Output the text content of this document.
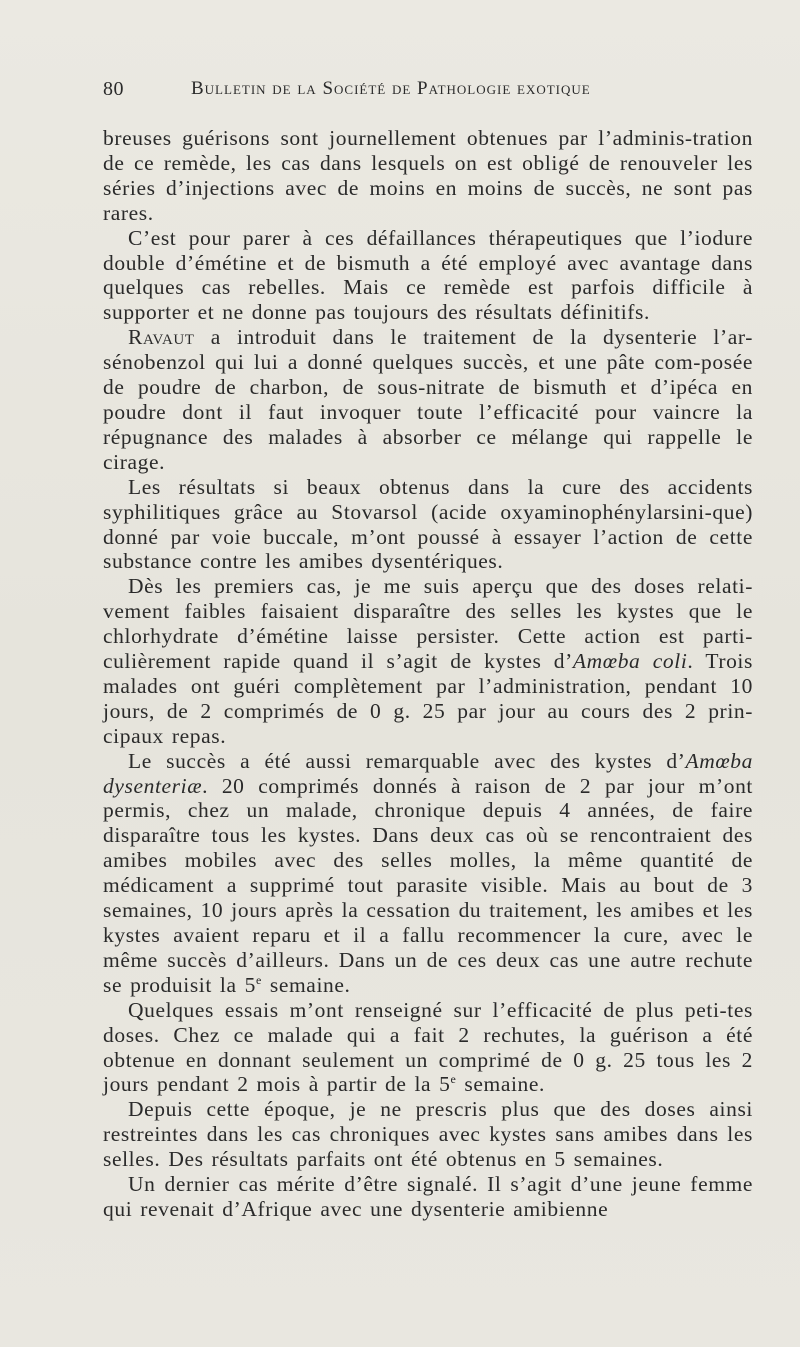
80	Bulletin de la Société de Pathologie exotique

breuses guérisons sont journellement obtenues par l’adminis-tration de ce remède, les cas dans lesquels on est obligé de renouveler les séries d’injections avec de moins en moins de succès, ne sont pas rares.

C’est pour parer à ces défaillances thérapeutiques que l’iodure double d’émétine et de bismuth a été employé avec avantage dans quelques cas rebelles. Mais ce remède est parfois difficile à supporter et ne donne pas toujours des résultats définitifs.

Ravaut a introduit dans le traitement de la dysenterie l’ar-sénobenzol qui lui a donné quelques succès, et une pâte com-posée de poudre de charbon, de sous-nitrate de bismuth et d’ipéca en poudre dont il faut invoquer toute l’efficacité pour vaincre la répugnance des malades à absorber ce mélange qui rappelle le cirage.

Les résultats si beaux obtenus dans la cure des accidents syphilitiques grâce au Stovarsol (acide oxyaminophénylarsini-que) donné par voie buccale, m’ont poussé à essayer l’action de cette substance contre les amibes dysentériques.

Dès les premiers cas, je me suis aperçu que des doses relati-vement faibles faisaient disparaître des selles les kystes que le chlorhydrate d’émétine laisse persister. Cette action est parti-culièrement rapide quand il s’agit de kystes d’Amœba coli. Trois malades ont guéri complètement par l’administration, pendant 10 jours, de 2 comprimés de 0 g. 25 par jour au cours des 2 prin-cipaux repas.

Le succès a été aussi remarquable avec des kystes d’Amœba dysenteriæ. 20 comprimés donnés à raison de 2 par jour m’ont permis, chez un malade, chronique depuis 4 années, de faire disparaître tous les kystes. Dans deux cas où se rencontraient des amibes mobiles avec des selles molles, la même quantité de médicament a supprimé tout parasite visible. Mais au bout de 3 semaines, 10 jours après la cessation du traitement, les amibes et les kystes avaient reparu et il a fallu recommencer la cure, avec le même succès d’ailleurs. Dans un de ces deux cas une autre rechute se produisit la 5e semaine.

Quelques essais m’ont renseigné sur l’efficacité de plus peti-tes doses. Chez ce malade qui a fait 2 rechutes, la guérison a été obtenue en donnant seulement un comprimé de 0 g. 25 tous les 2 jours pendant 2 mois à partir de la 5e semaine.

Depuis cette époque, je ne prescris plus que des doses ainsi restreintes dans les cas chroniques avec kystes sans amibes dans les selles. Des résultats parfaits ont été obtenus en 5 semaines.

Un dernier cas mérite d’être signalé. Il s’agit d’une jeune femme qui revenait d’Afrique avec une dysenterie amibienne
